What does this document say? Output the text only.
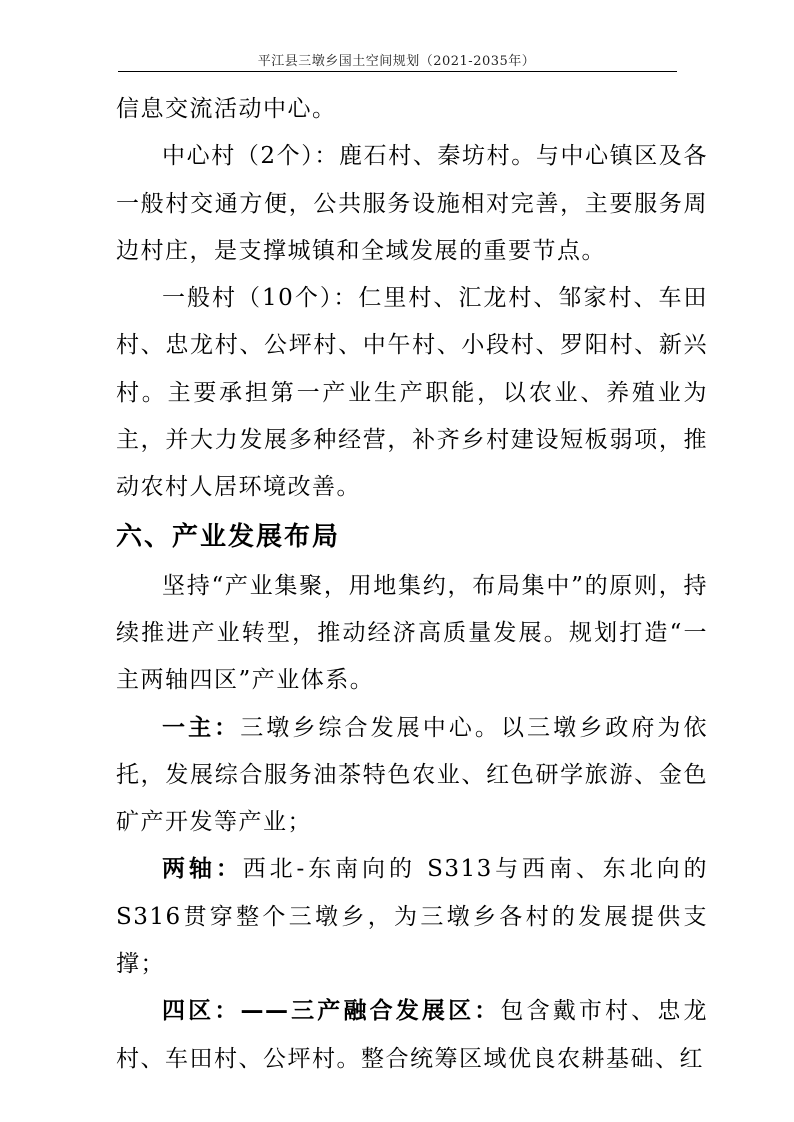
平江县三墩乡国土空间规划（2021-2035年）

信息交流活动中心。

中心村（2个）：鹿石村、秦坊村。与中心镇区及各一般村交通方便，公共服务设施相对完善，主要服务周边村庄，是支撑城镇和全域发展的重要节点。

一般村（10个）：仁里村、汇龙村、邹家村、车田村、忠龙村、公坪村、中午村、小段村、罗阳村、新兴村。主要承担第一产业生产职能，以农业、养殖业为主，并大力发展多种经营，补齐乡村建设短板弱项，推动农村人居环境改善。

六、产业发展布局

坚持“产业集聚，用地集约，布局集中”的原则，持续推进产业转型，推动经济高质量发展。规划打造“一主两轴四区”产业体系。

一主：三墩乡综合发展中心。以三墩乡政府为依托，发展综合服务油茶特色农业、红色研学旅游、金色矿产开发等产业；

两轴：西北-东南向的 S313与西南、东北向的S316贯穿整个三墩乡，为三墩乡各村的发展提供支撑；

四区：——三产融合发展区：包含戴市村、忠龙村、车田村、公坪村。整合统筹区域优良农耕基础、红
